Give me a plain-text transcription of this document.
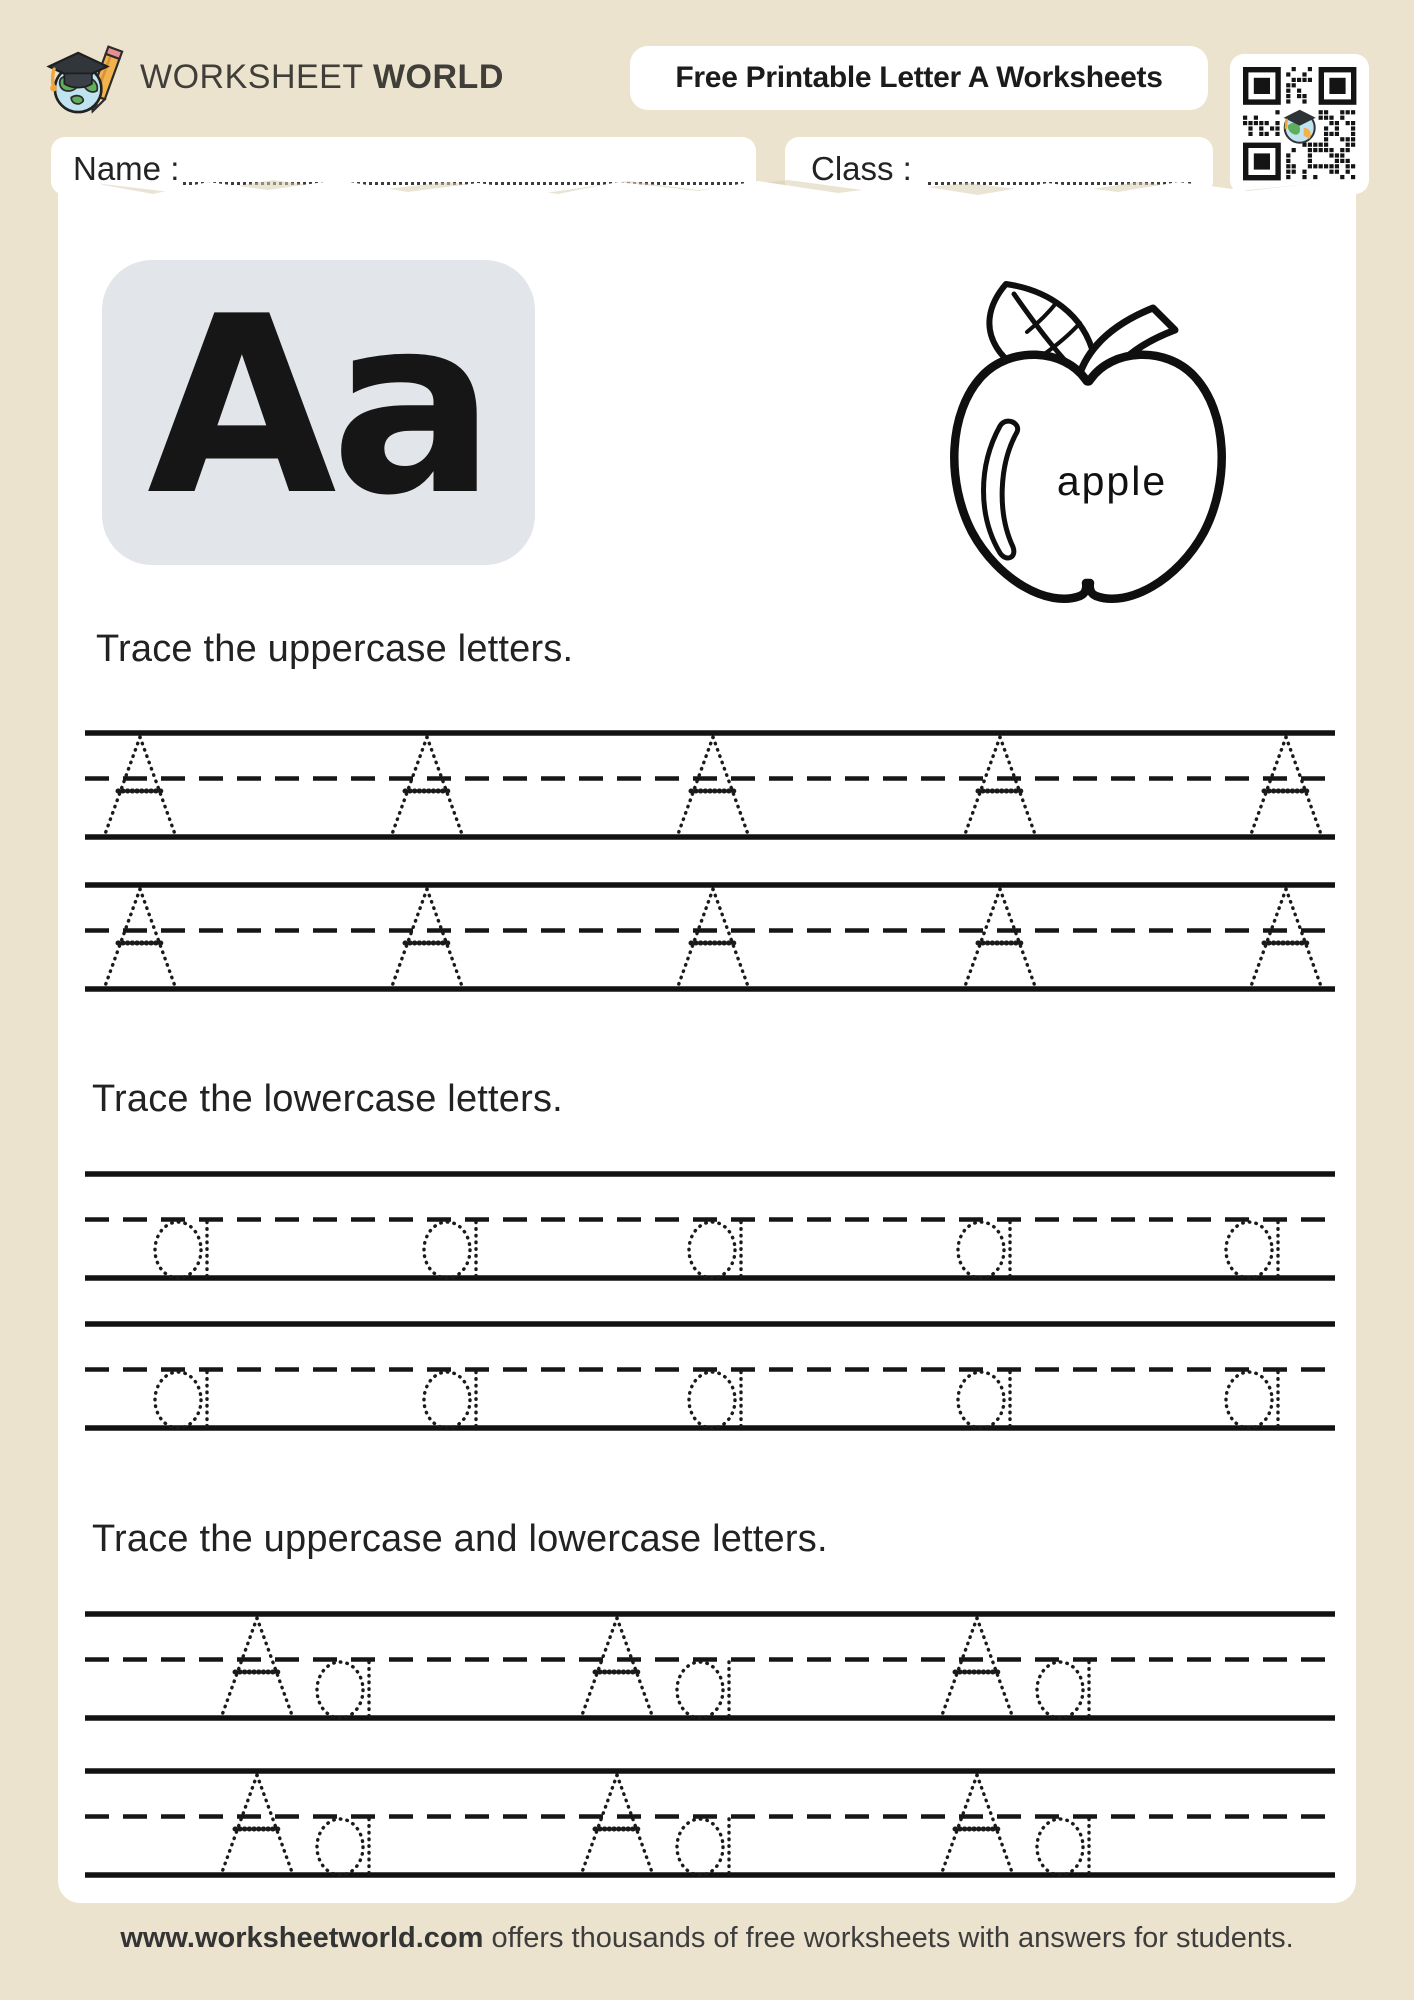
WORKSHEET WORLD	Free Printable Letter A Worksheets
Name :	Class :
Aa	apple
Trace the uppercase letters.
Trace the lowercase letters.
Trace the uppercase and lowercase letters.
www.worksheetworld.com offers thousands of free worksheets with answers for students.
